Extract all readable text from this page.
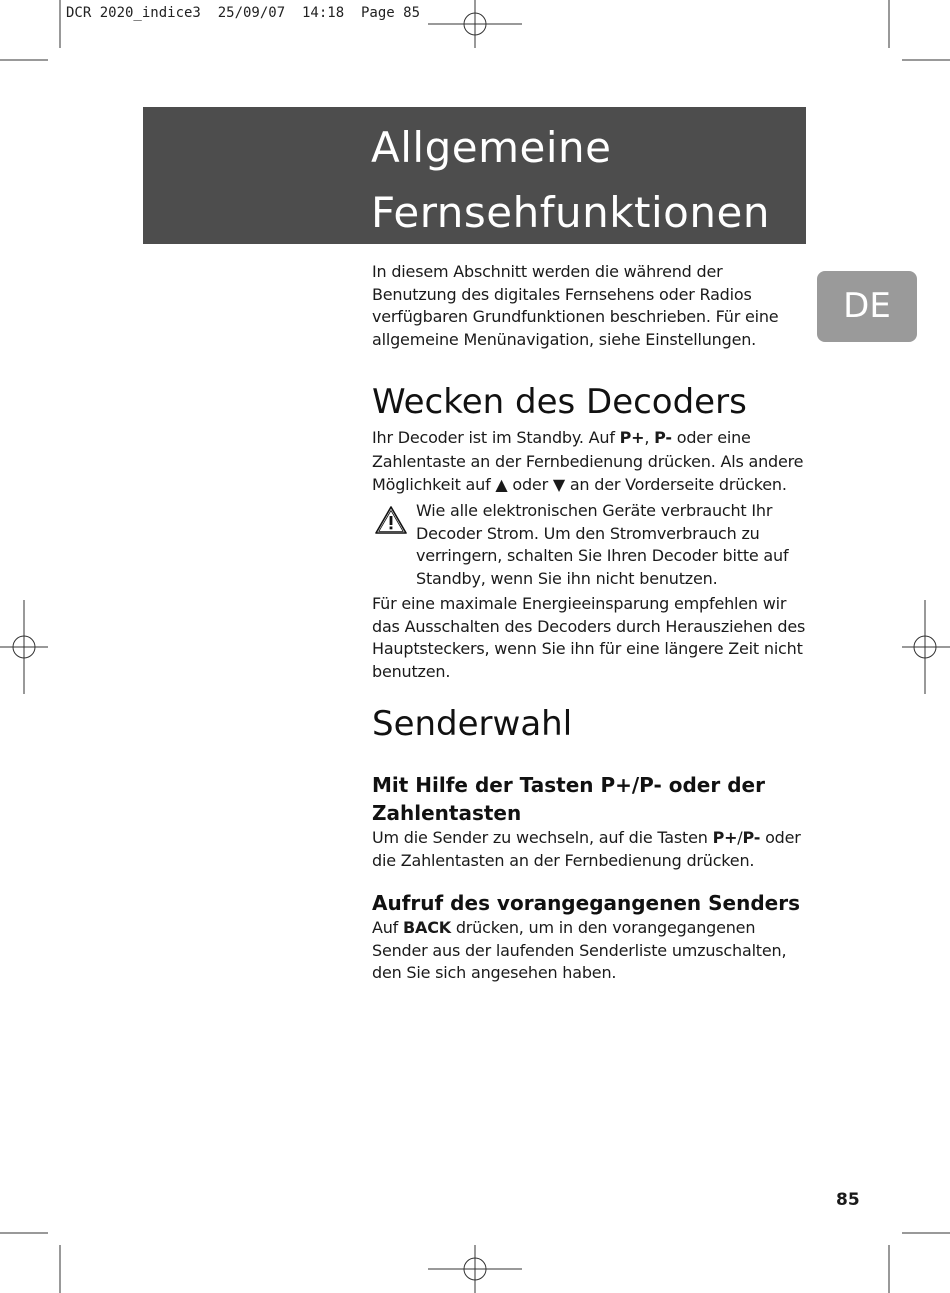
DCR 2020_indice3  25/09/07  14:18  Page 85
Allgemeine
Fernsehfunktionen
DE

In diesem Abschnitt werden die während der Benutzung des digitales Fernsehens oder Radios verfügbaren Grundfunktionen beschrieben. Für eine allgemeine Menünavigation, siehe Einstellungen.

Wecken des Decoders

Ihr Decoder ist im Standby. Auf P+, P- oder eine Zahlentaste an der Fernbedienung drücken. Als andere Möglichkeit auf ▲ oder ▼ an der Vorderseite drücken.

Wie alle elektronischen Geräte verbraucht Ihr Decoder Strom. Um den Stromverbrauch zu verringern, schalten Sie Ihren Decoder bitte auf Standby, wenn Sie ihn nicht benutzen.

Für eine maximale Energieeinsparung empfehlen wir das Ausschalten des Decoders durch Herausziehen des Hauptsteckers, wenn Sie ihn für eine längere Zeit nicht benutzen.

Senderwahl
Mit Hilfe der Tasten P+/P- oder der Zahlentasten

Um die Sender zu wechseln, auf die Tasten P+/P- oder die Zahlentasten an der Fernbedienung drücken.

Aufruf des vorangegangenen Senders

Auf BACK drücken, um in den vorangegangenen Sender aus der laufenden Senderliste umzuschalten, den Sie sich angesehen haben.

85
